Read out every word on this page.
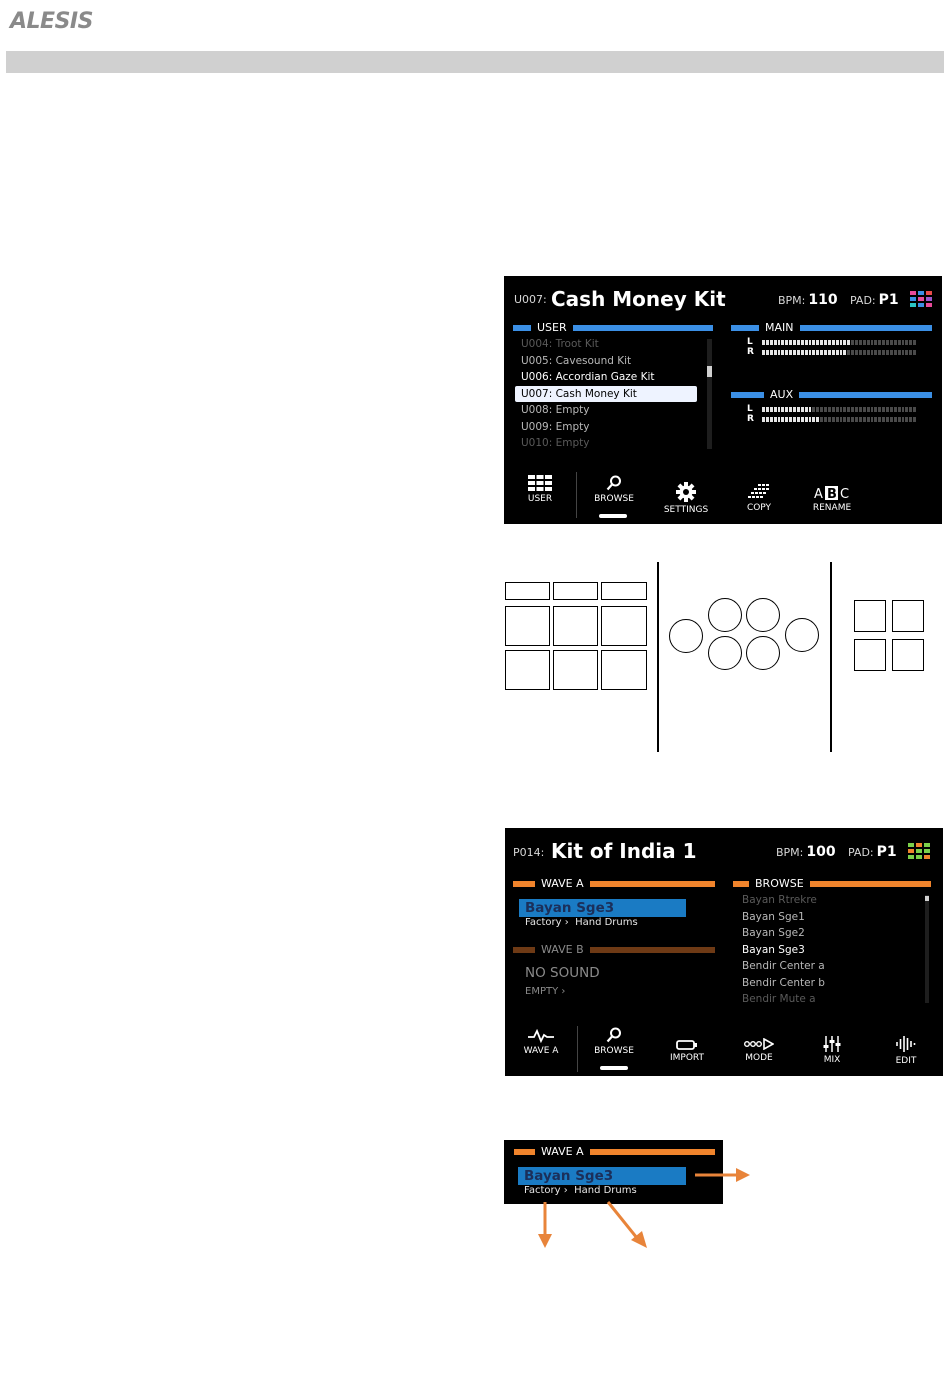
ALESIS
U007: Cash Money Kit	BPM: 110 PAD: P1
USER
U004: Troot Kit
U005: Cavesound Kit
U006: Accordian Gaze Kit
U007: Cash Money Kit
U008: Empty
U009: Empty
U010: Empty
MAIN
L
R
AUX
L
R
USER	BROWSE
SETTINGS	COPY
A B C
RENAME
P014: Kit of India 1	BPM: 100 PAD: P1
WAVE A
Bayan Sge3
Factory › Hand Drums
WAVE B
NO SOUND
EMPTY ›
BROWSE
Bayan Rtrekre
Bayan Sge1
Bayan Sge2
Bayan Sge3
Bendir Center a
Bendir Center b
Bendir Mute a
WAVE A	BROWSE
IMPORT	MODE	MIX	EDIT
WAVE A
Bayan Sge3
Factory › Hand Drums
